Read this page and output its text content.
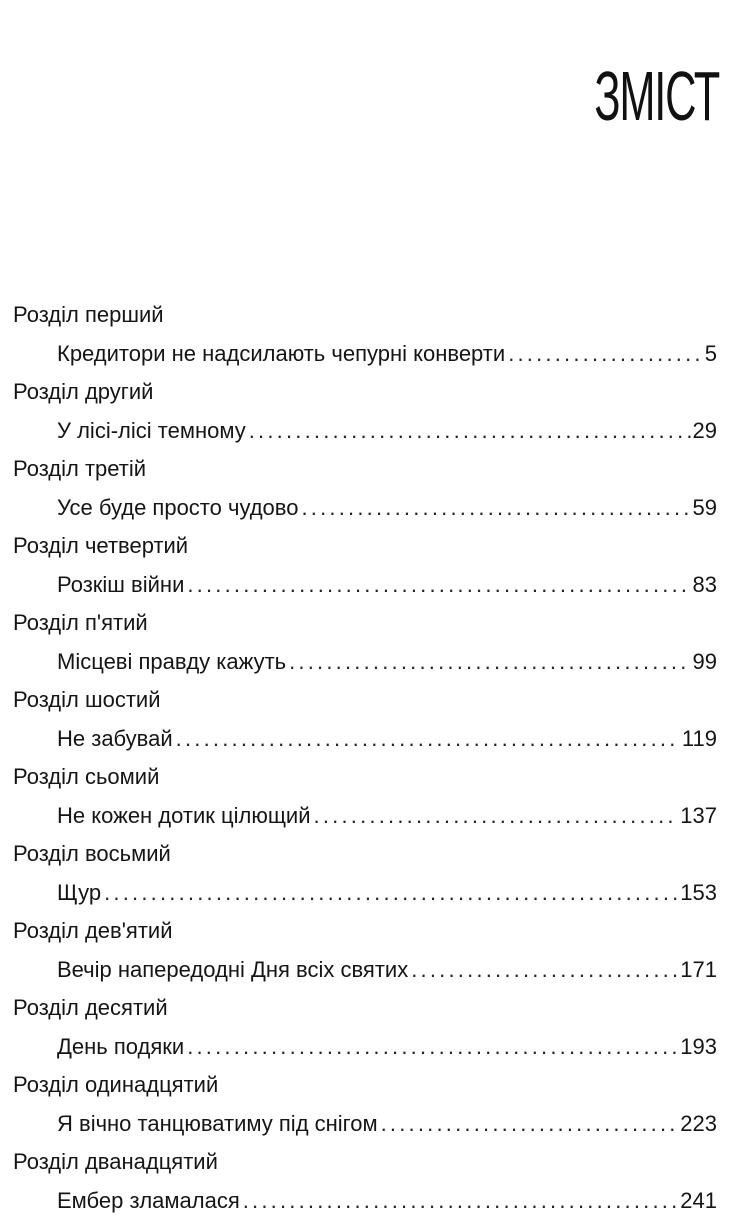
ЗМІСТ
Розділ перший
Кредитори не надсилають чепурні конверти .....	5
Розділ другий
У лісі-лісі темному .....	29
Розділ третій
Усе буде просто чудово .....	59
Розділ четвертий
Розкіш війни .....	83
Розділ п'ятий
Місцеві правду кажуть .....	99
Розділ шостий
Не забувай .....	119
Розділ сьомий
Не кожен дотик цілющий .....	137
Розділ восьмий
Щур .....	153
Розділ дев'ятий
Вечір напередодні Дня всіх святих .....	171
Розділ десятий
День подяки .....	193
Розділ одинадцятий
Я вічно танцюватиму під снігом .....	223
Розділ дванадцятий
Ембер зламалася .....	241
